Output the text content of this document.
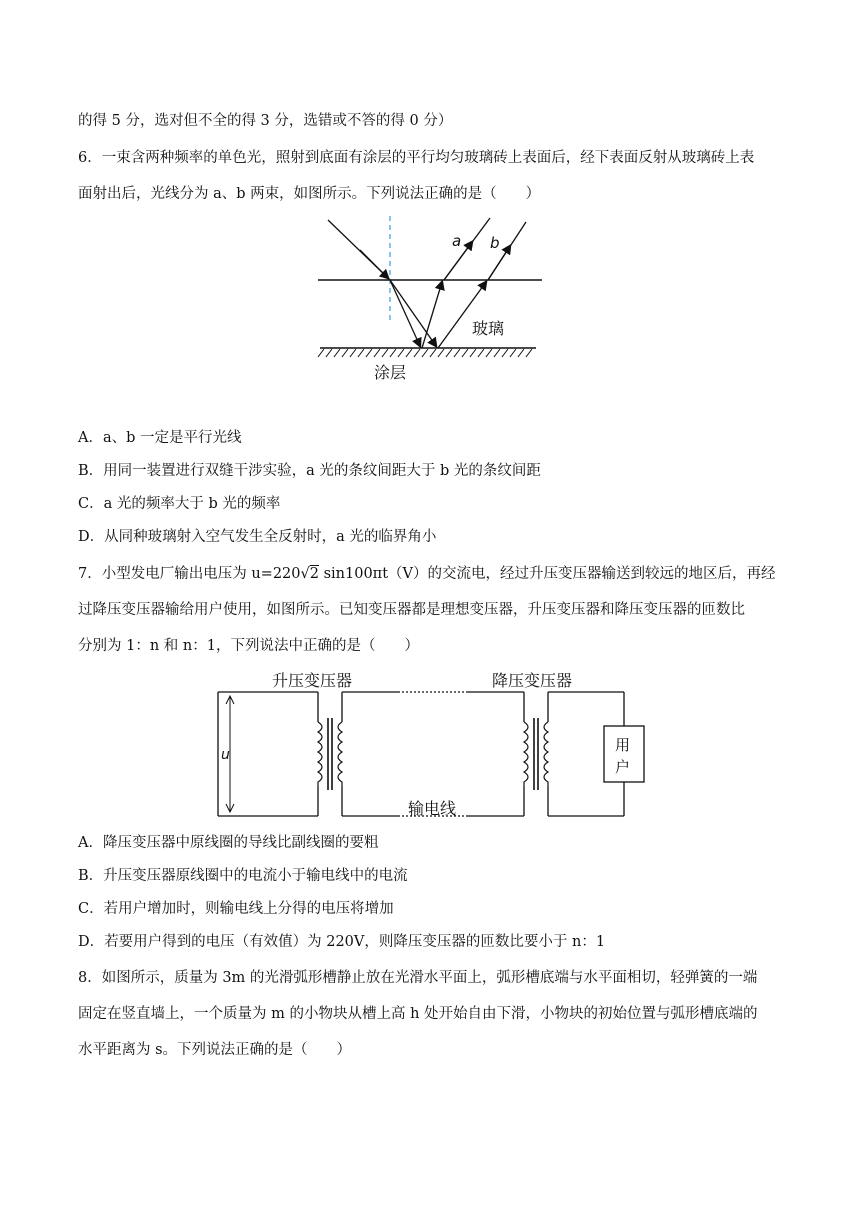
的得 5 分，选对但不全的得 3 分，选错或不答的得 0 分）
6．一束含两种频率的单色光，照射到底面有涂层的平行均匀玻璃砖上表面后，经下表面反射从玻璃砖上表
面射出后，光线分为 a、b 两束，如图所示。下列说法正确的是（　　）
a b
玻璃
涂层
A．a、b 一定是平行光线
B．用同一装置进行双缝干涉实验，a 光的条纹间距大于 b 光的条纹间距
C．a 光的频率大于 b 光的频率
D．从同种玻璃射入空气发生全反射时，a 光的临界角小
7．小型发电厂输出电压为 u=220√2 sin100πt（V）的交流电，经过升压变压器输送到较远的地区后，再经
过降压变压器输给用户使用，如图所示。已知变压器都是理想变压器，升压变压器和降压变压器的匝数比
分别为 1：n 和 n：1，下列说法中正确的是（　　）
u
用
户
升压变压器	降压变压器
输电线
A．降压变压器中原线圈的导线比副线圈的要粗
B．升压变压器原线圈中的电流小于输电线中的电流
C．若用户增加时，则输电线上分得的电压将增加
D．若要用户得到的电压（有效值）为 220V，则降压变压器的匝数比要小于 n：1
8．如图所示，质量为 3m 的光滑弧形槽静止放在光滑水平面上，弧形槽底端与水平面相切，轻弹簧的一端
固定在竖直墙上，一个质量为 m 的小物块从槽上高 h 处开始自由下滑，小物块的初始位置与弧形槽底端的
水平距离为 s。下列说法正确的是（　　）
